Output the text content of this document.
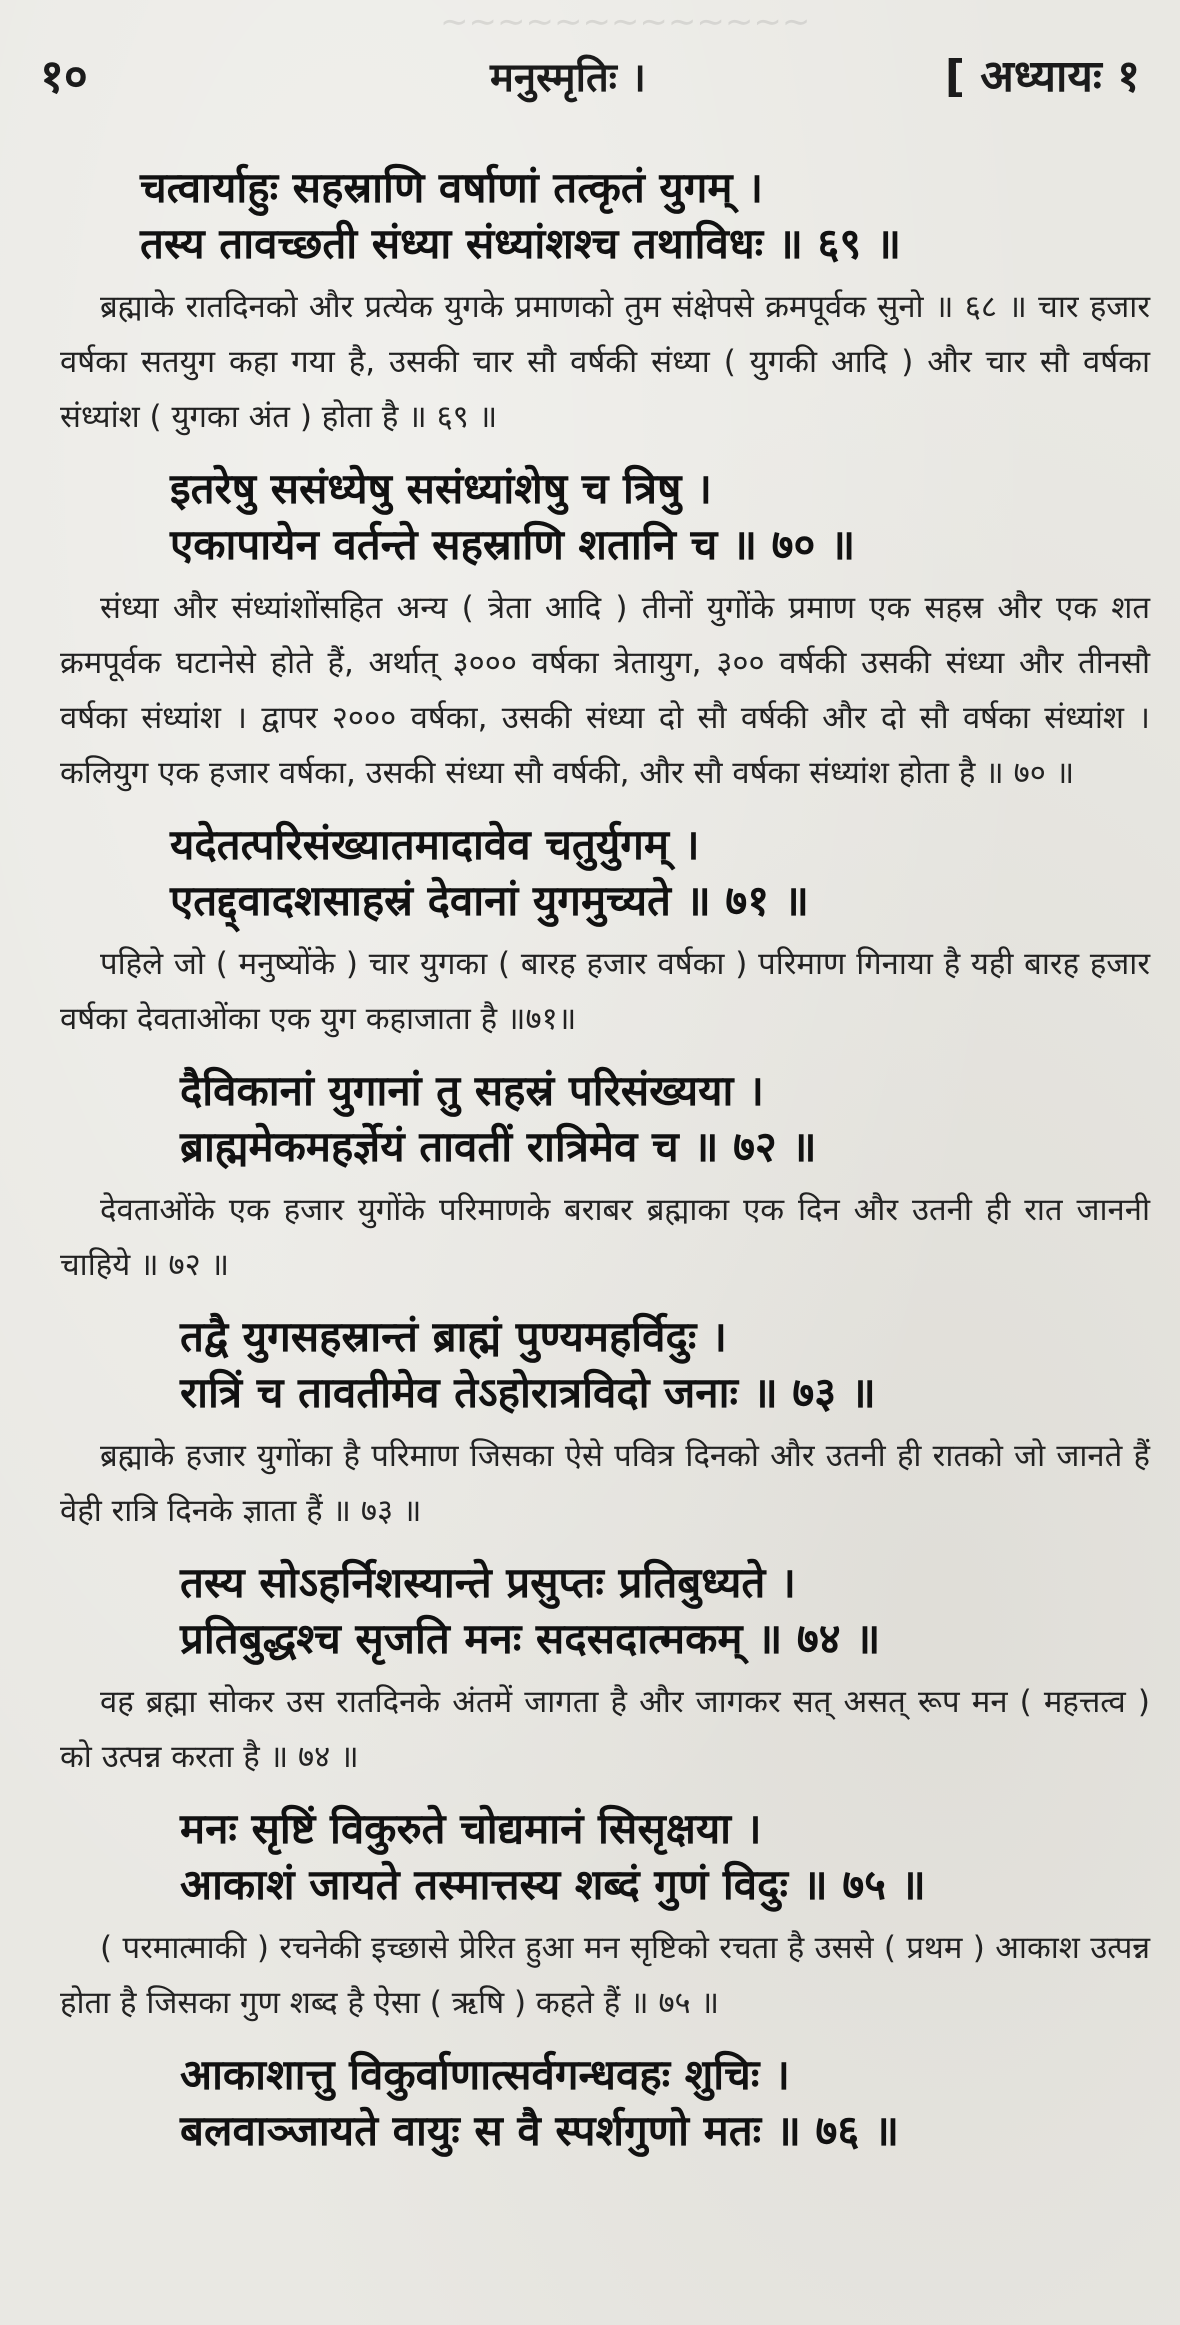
∼∼∼∼∼∼∼∼∼∼∼∼∼
१०	मनुस्मृतिः ।	[ अध्यायः १
चत्वार्याहुः सहस्राणि वर्षाणां तत्कृतं युगम् ।
तस्य तावच्छती संध्या संध्यांशश्च तथाविधः ॥ ६९ ॥
ब्रह्माके रातदिनको और प्रत्येक युगके प्रमाणको तुम संक्षेपसे क्रमपूर्वक सुनो ॥ ६८ ॥ चार हजार वर्षका सतयुग कहा गया है, उसकी चार सौ वर्षकी संध्या ( युगकी आदि ) और चार सौ वर्षका संध्यांश ( युगका अंत ) होता है ॥ ६९ ॥
इतरेषु ससंध्येषु ससंध्यांशेषु च त्रिषु ।
एकापायेन वर्तन्ते सहस्राणि शतानि च ॥ ७० ॥
संध्या और संध्यांशोंसहित अन्य ( त्रेता आदि ) तीनों युगोंके प्रमाण एक सहस्र और एक शत क्रमपूर्वक घटानेसे होते हैं, अर्थात् ३००० वर्षका त्रेतायुग, ३०० वर्षकी उसकी संध्या और तीनसौ वर्षका संध्यांश । द्वापर २००० वर्षका, उसकी संध्या दो सौ वर्षकी और दो सौ वर्षका संध्यांश । कलियुग एक हजार वर्षका, उसकी संध्या सौ वर्षकी, और सौ वर्षका संध्यांश होता है ॥ ७० ॥
यदेतत्परिसंख्यातमादावेव चतुर्युगम् ।
एतद्द्वादशसाहस्रं देवानां युगमुच्यते ॥ ७१ ॥
पहिले जो ( मनुष्योंके ) चार युगका ( बारह हजार वर्षका ) परिमाण गिनाया है यही बारह हजार वर्षका देवताओंका एक युग कहाजाता है ॥७१॥
दैविकानां युगानां तु सहस्रं परिसंख्यया ।
ब्राह्ममेकमहर्ज्ञेयं तावतीं रात्रिमेव च ॥ ७२ ॥
देवताओंके एक हजार युगोंके परिमाणके बराबर ब्रह्माका एक दिन और उतनी ही रात जाननी चाहिये ॥ ७२ ॥
तद्वै युगसहस्रान्तं ब्राह्मं पुण्यमहर्विदुः ।
रात्रिं च तावतीमेव तेऽहोरात्रविदो जनाः ॥ ७३ ॥
ब्रह्माके हजार युगोंका है परिमाण जिसका ऐसे पवित्र दिनको और उतनी ही रातको जो जानते हैं वेही रात्रि दिनके ज्ञाता हैं ॥ ७३ ॥
तस्य सोऽहर्निशस्यान्ते प्रसुप्तः प्रतिबुध्यते ।
प्रतिबुद्धश्च सृजति मनः सदसदात्मकम् ॥ ७४ ॥
वह ब्रह्मा सोकर उस रातदिनके अंतमें जागता है और जागकर सत् असत् रूप मन ( महत्तत्व ) को उत्पन्न करता है ॥ ७४ ॥
मनः सृष्टिं विकुरुते चोद्यमानं सिसृक्षया ।
आकाशं जायते तस्मात्तस्य शब्दं गुणं विदुः ॥ ७५ ॥
( परमात्माकी ) रचनेकी इच्छासे प्रेरित हुआ मन सृष्टिको रचता है उससे ( प्रथम ) आकाश उत्पन्न होता है जिसका गुण शब्द है ऐसा ( ऋषि ) कहते हैं ॥ ७५ ॥
आकाशात्तु विकुर्वाणात्सर्वगन्धवहः शुचिः ।
बलवाञ्जायते वायुः स वै स्पर्शगुणो मतः ॥ ७६ ॥
